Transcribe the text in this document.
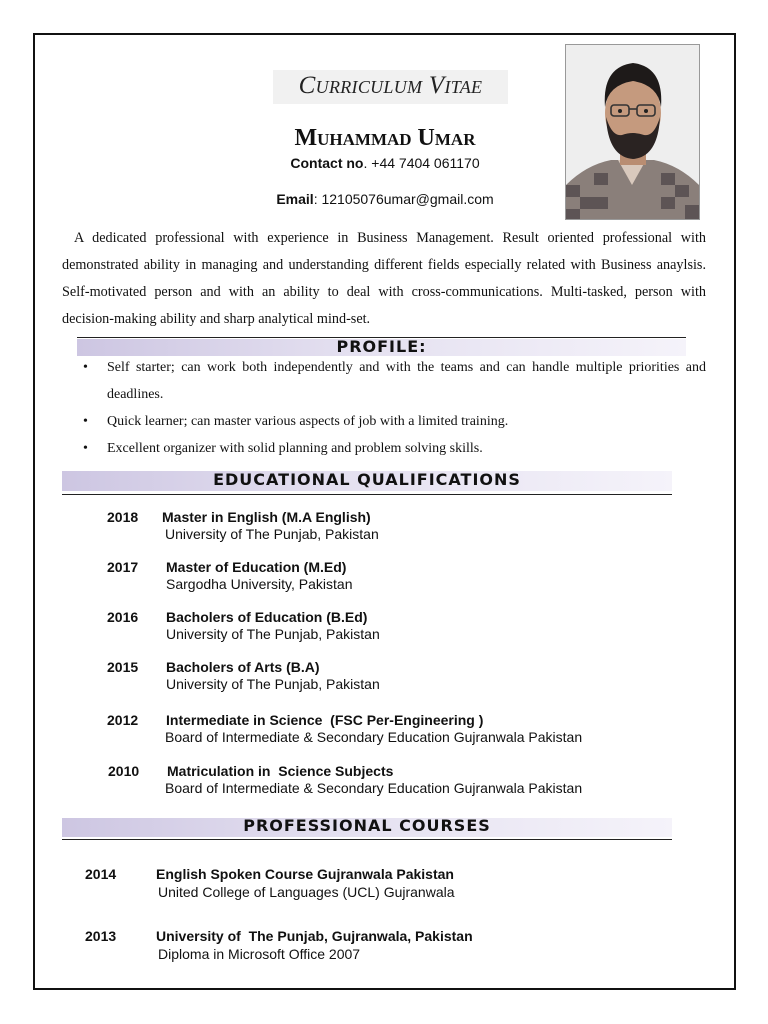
Curriculum Vitae
Muhammad Umar
Contact no. +44 7404 061170
Email: 12105076umar@gmail.com
A dedicated professional with experience in Business Management. Result oriented professional with demonstrated ability in managing and understanding different fields especially related with Business anaylsis. Self-motivated person and with an ability to deal with cross-communications. Multi-tasked, person with decision-making ability and sharp analytical mind-set.
PROFILE:
• Self starter; can work both independently and with the teams and can handle multiple priorities and deadlines.
• Quick learner; can master various aspects of job with a limited training.
• Excellent organizer with solid planning and problem solving skills.
EDUCATIONAL QUALIFICATIONS
2018 Master in English (M.A English)
University of The Punjab, Pakistan
2017 Master of Education (M.Ed)
Sargodha University, Pakistan
2016 Bacholers of Education (B.Ed)
University of The Punjab, Pakistan
2015 Bacholers of Arts (B.A)
University of The Punjab, Pakistan
2012 Intermediate in Science  (FSC Per-Engineering )
Board of Intermediate & Secondary Education Gujranwala Pakistan
2010 Matriculation in  Science Subjects
Board of Intermediate & Secondary Education Gujranwala Pakistan
PROFESSIONAL COURSES
2014	English Spoken Course Gujranwala Pakistan
United College of Languages (UCL) Gujranwala
2013	University of  The Punjab, Gujranwala, Pakistan
Diploma in Microsoft Office 2007
